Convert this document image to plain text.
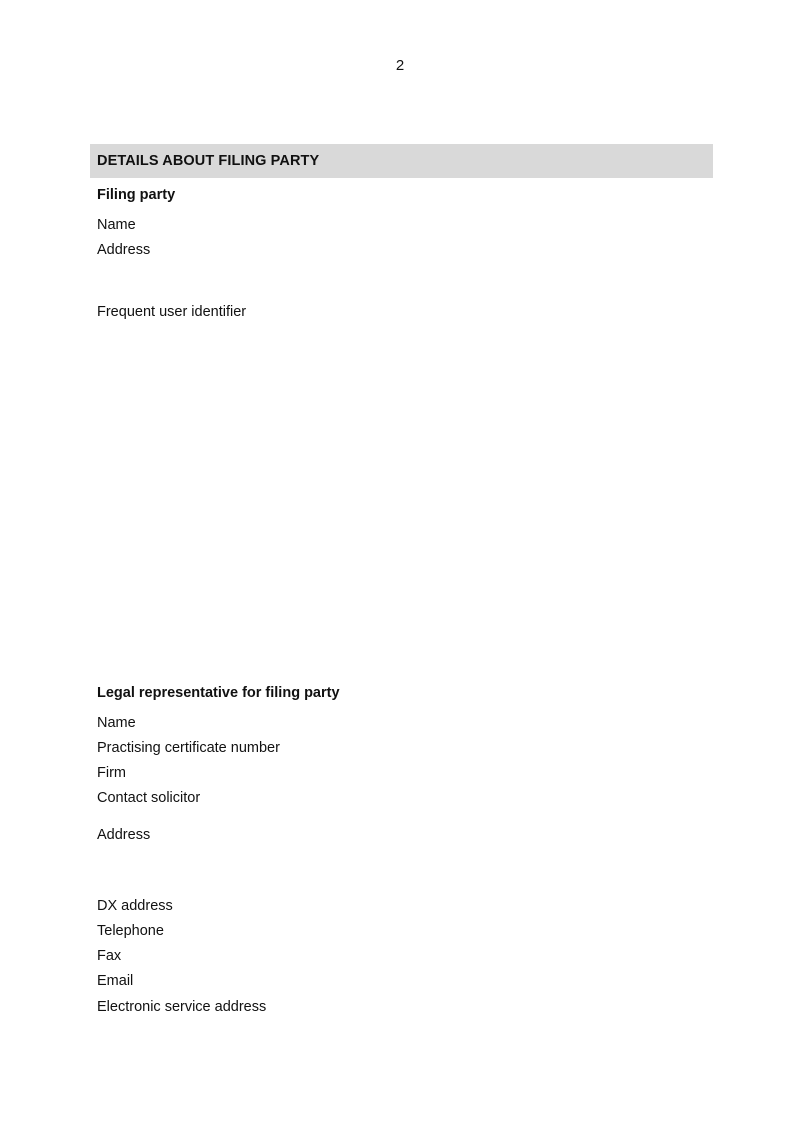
2
DETAILS ABOUT FILING PARTY
Filing party
Name
Address
Frequent user identifier
Legal representative for filing party
Name
Practising certificate number
Firm
Contact solicitor
Address
DX address
Telephone
Fax
Email
Electronic service address
